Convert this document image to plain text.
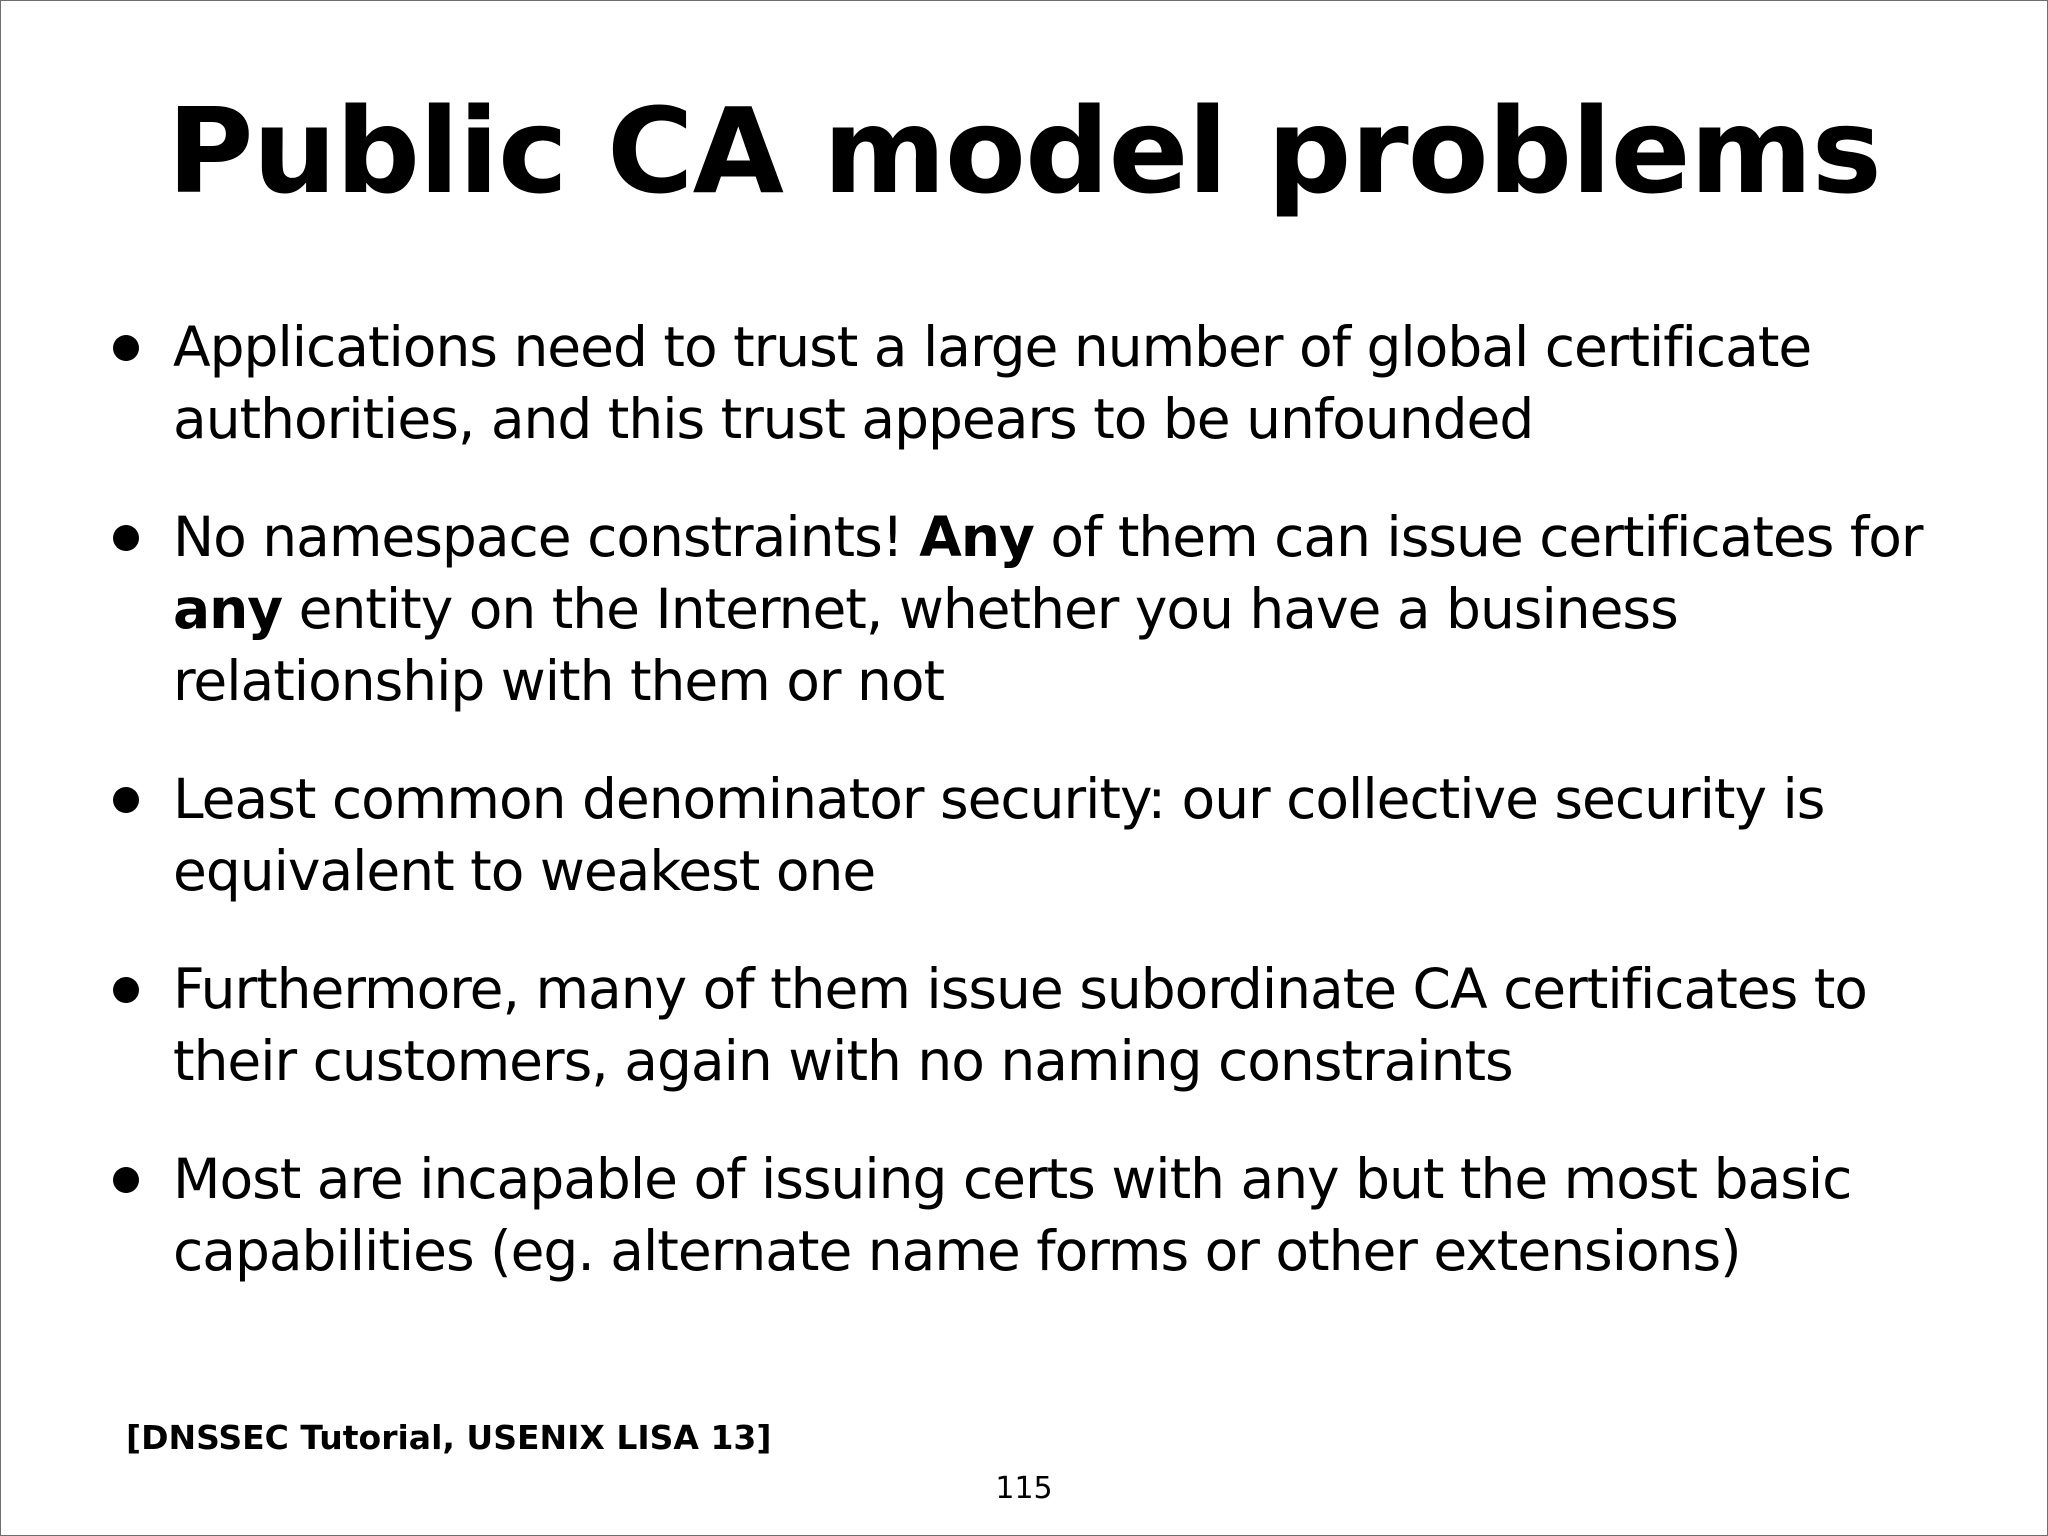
Public CA model problems
Applications need to trust a large number of global certificate authorities, and this trust appears to be unfounded
No namespace constraints! Any of them can issue certificates for any entity on the Internet, whether you have a business relationship with them or not
Least common denominator security: our collective security is equivalent to weakest one
Furthermore, many of them issue subordinate CA certificates to their customers, again with no naming constraints
Most are incapable of issuing certs with any but the most basic capabilities (eg. alternate name forms or other extensions)
[DNSSEC Tutorial, USENIX LISA 13]
115
